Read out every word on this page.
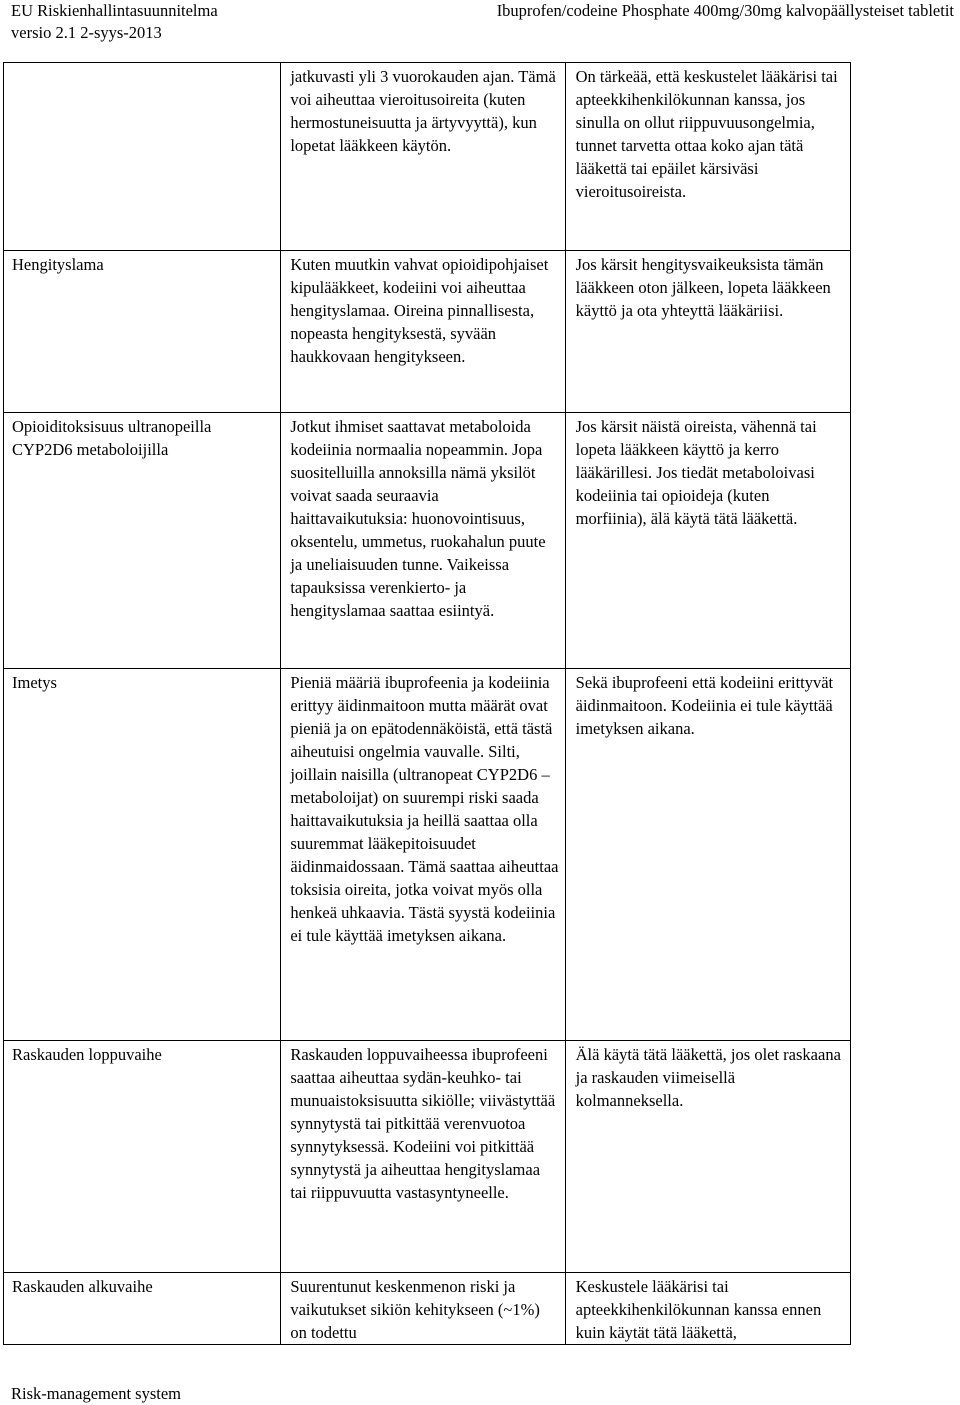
EU Riskienhallintasuunnitelma	Ibuprofen/codeine Phosphate 400mg/30mg kalvopäällysteiset tabletit
versio 2.1 2-syys-2013
	jatkuvasti yli 3 vuorokauden ajan. Tämä voi aiheuttaa vieroitusoireita (kuten hermostuneisuutta ja ärtyvyyttä), kun lopetat lääkkeen käytön.	On tärkeää, että keskustelet lääkärisi tai apteekkihenkilökunnan kanssa, jos sinulla on ollut riippuvuusongelmia, tunnet tarvetta ottaa koko ajan tätä lääkettä tai epäilet kärsiväsi vieroitusoireista.
Hengityslama	Kuten muutkin vahvat opioidipohjaiset kipulääkkeet, kodeiini voi aiheuttaa hengityslamaa. Oireina pinnallisesta, nopeasta hengityksestä, syvään haukkovaan hengitykseen.	Jos kärsit hengitysvaikeuksista tämän lääkkeen oton jälkeen, lopeta lääkkeen käyttö ja ota yhteyttä lääkäriisi.
Opioiditoksisuus ultranopeilla CYP2D6 metaboloijilla	Jotkut ihmiset saattavat metaboloida kodeiinia normaalia nopeammin. Jopa suositelluilla annoksilla nämä yksilöt voivat saada seuraavia haittavaikutuksia: huonovointisuus, oksentelu, ummetus, ruokahalun puute ja uneliaisuuden tunne. Vaikeissa tapauksissa verenkierto- ja hengityslamaa saattaa esiintyä.	Jos kärsit näistä oireista, vähennä tai lopeta lääkkeen käyttö ja kerro lääkärillesi. Jos tiedät metaboloivasi kodeiinia tai opioideja (kuten morfiinia), älä käytä tätä lääkettä.
Imetys	Pieniä määriä ibuprofeenia ja kodeiinia erittyy äidinmaitoon mutta määrät ovat pieniä ja on epätodennäköistä, että tästä aiheutuisi ongelmia vauvalle. Silti, joillain naisilla (ultranopeat CYP2D6 – metaboloijat) on suurempi riski saada haittavaikutuksia ja heillä saattaa olla suuremmat lääkepitoisuudet äidinmaidossaan. Tämä saattaa aiheuttaa toksisia oireita, jotka voivat myös olla henkeä uhkaavia. Tästä syystä kodeiinia ei tule käyttää imetyksen aikana.	Sekä ibuprofeeni että kodeiini erittyvät äidinmaitoon. Kodeiinia ei tule käyttää imetyksen aikana.
Raskauden loppuvaihe	Raskauden loppuvaiheessa ibuprofeeni saattaa aiheuttaa sydän-keuhko- tai munuaistoksisuutta sikiölle; viivästyttää synnytystä tai pitkittää verenvuotoa synnytyksessä. Kodeiini voi pitkittää synnytystä ja aiheuttaa hengityslamaa tai riippuvuutta vastasyntyneelle.	Älä käytä tätä lääkettä, jos olet raskaana ja raskauden viimeisellä kolmanneksella.
Raskauden alkuvaihe	Suurentunut keskenmenon riski ja vaikutukset sikiön kehitykseen (~1%) on todettu	Keskustele lääkärisi tai apteekkihenkilökunnan kanssa ennen kuin käytät tätä lääkettä,
Risk-management system
